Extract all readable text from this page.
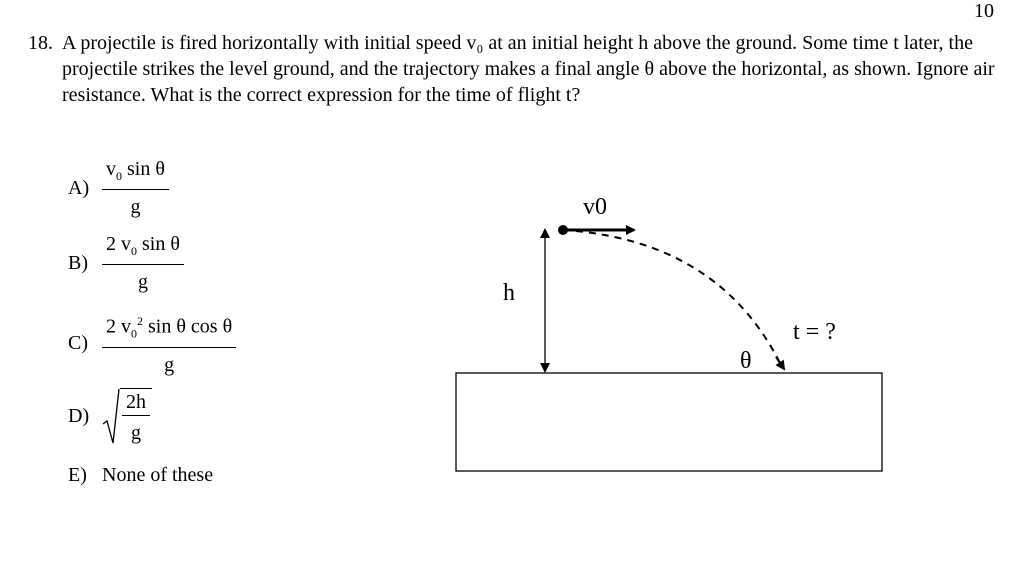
10
18. A projectile is fired horizontally with initial speed v₀ at an initial height h above the ground. Some time t later, the projectile strikes the level ground, and the trajectory makes a final angle θ above the horizontal, as shown. Ignore air resistance. What is the correct expression for the time of flight t?
$A) \frac{v_0 \sin \theta}{g}$
$B) \frac{2 v_0 \sin \theta}{g}$
$C) \frac{2 v_0^2 \sin \theta \cos \theta}{g}$
D)	$\frac{2h}{g}$
E) None of these
v0
h
θ
t = ?
